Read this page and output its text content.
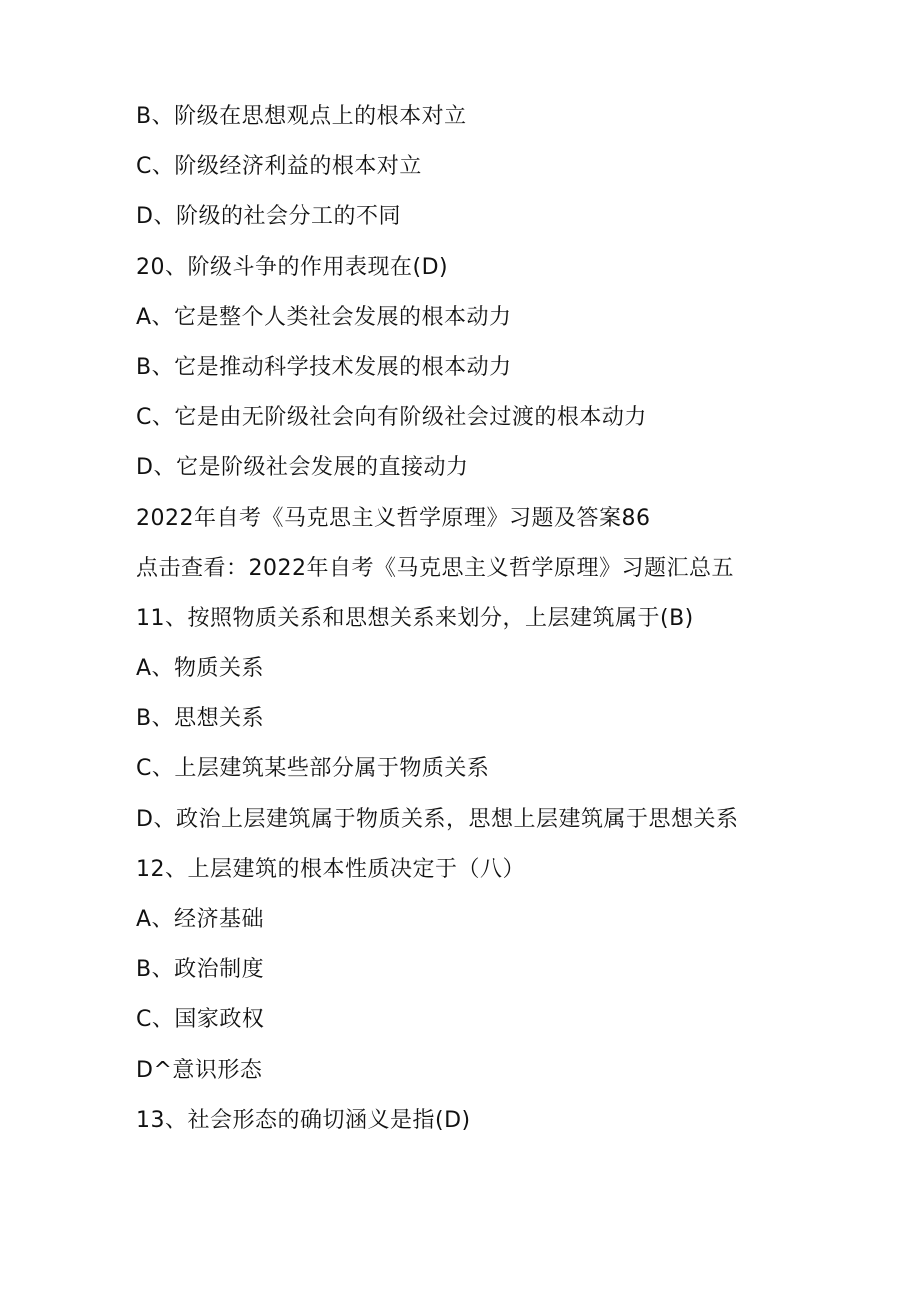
B、阶级在思想观点上的根本对立
C、阶级经济利益的根本对立
D、阶级的社会分工的不同
20、阶级斗争的作用表现在(D)
A、它是整个人类社会发展的根本动力
B、它是推动科学技术发展的根本动力
C、它是由无阶级社会向有阶级社会过渡的根本动力
D、它是阶级社会发展的直接动力
2022年自考《马克思主义哲学原理》习题及答案86
点击查看：2022年自考《马克思主义哲学原理》习题汇总五
11、按照物质关系和思想关系来划分，上层建筑属于(B)
A、物质关系
B、思想关系
C、上层建筑某些部分属于物质关系
D、政治上层建筑属于物质关系，思想上层建筑属于思想关系
12、上层建筑的根本性质决定于（八）
A、经济基础
B、政治制度
C、国家政权
D^意识形态
13、社会形态的确切涵义是指(D)
